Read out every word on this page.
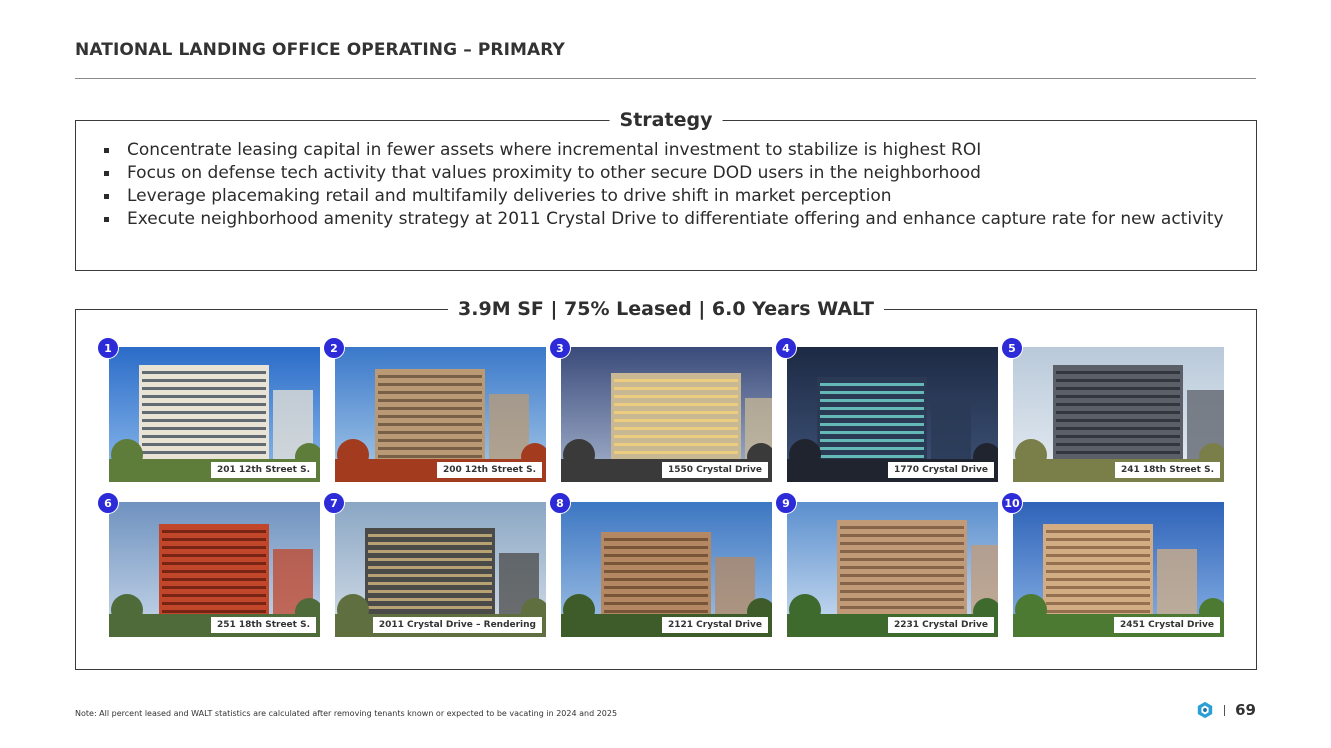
NATIONAL LANDING OFFICE OPERATING – PRIMARY
Strategy
Concentrate leasing capital in fewer assets where incremental investment to stabilize is highest ROI
Focus on defense tech activity that values proximity to other secure DOD users in the neighborhood
Leverage placemaking retail and multifamily deliveries to drive shift in market perception
Execute neighborhood amenity strategy at 2011 Crystal Drive to differentiate offering and enhance capture rate for new activity
3.9M SF | 75% Leased | 6.0 Years WALT
201 12th Street S.
1
200 12th Street S.
2
1550 Crystal Drive
3
1770 Crystal Drive
4
241 18th Street S.
5
251 18th Street S.
6
2011 Crystal Drive – Rendering
7
2121 Crystal Drive
8
2231 Crystal Drive
9
2451 Crystal Drive
10
Note: All percent leased and WALT statistics are calculated after removing tenants known or expected to be vacating in 2024 and 2025	69
